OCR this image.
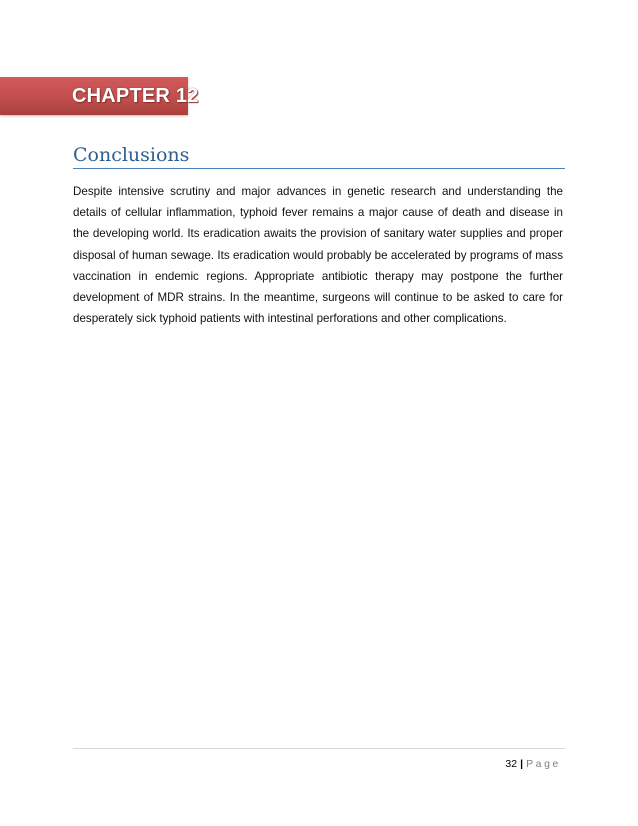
CHAPTER 12
Conclusions

Despite intensive scrutiny and major advances in genetic research and understanding the details of cellular inflammation, typhoid fever remains a major cause of death and disease in the developing world. Its eradication awaits the provision of sanitary water supplies and proper disposal of human sewage. Its eradication would probably be accelerated by programs of mass vaccination in endemic regions. Appropriate antibiotic therapy may postpone the further development of MDR strains. In the meantime, surgeons will continue to be asked to care for desperately sick typhoid patients with intestinal perforations and other complications.

32 | Page
